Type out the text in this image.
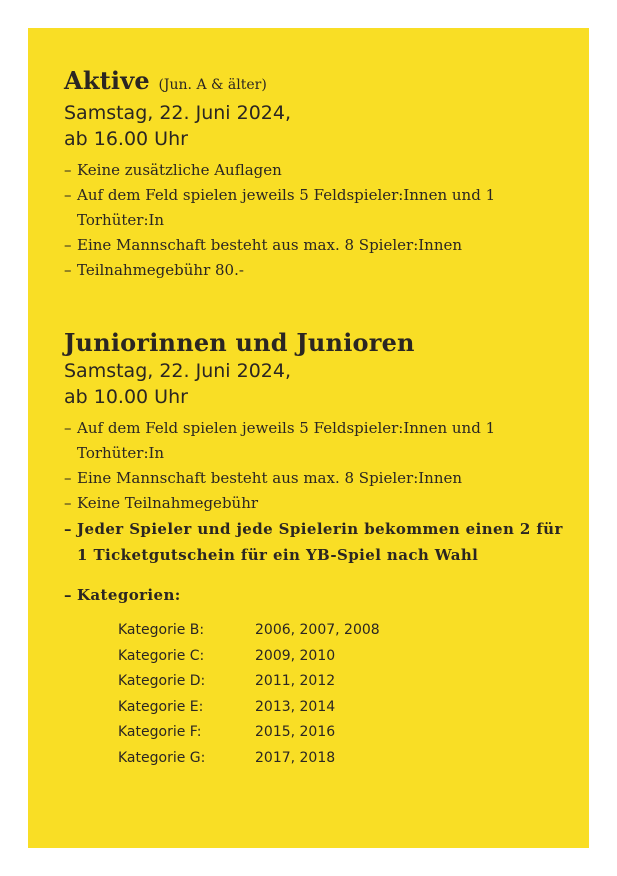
Aktive (Jun. A & älter)

Samstag, 22. Juni 2024,

ab 16.00 Uhr

– Keine zusätzliche Auflagen
– Auf dem Feld spielen jeweils 5 Feldspieler:Innen und 1 Torhüter:In
– Eine Mannschaft besteht aus max. 8 Spieler:Innen
– Teilnahmegebühr 80.-

Juniorinnen und Junioren

Samstag, 22. Juni 2024,

ab 10.00 Uhr

– Auf dem Feld spielen jeweils 5 Feldspieler:Innen und 1 Torhüter:In
– Eine Mannschaft besteht aus max. 8 Spieler:Innen
– Keine Teilnahmegebühr
– Jeder Spieler und jede Spielerin bekommen einen 2 für 1 Ticketgutschein für ein YB-Spiel nach Wahl
– Kategorien:
Kategorie B:	2006, 2007, 2008
Kategorie C:	2009, 2010
Kategorie D:	2011, 2012
Kategorie E:	2013, 2014
Kategorie F:	2015, 2016
Kategorie G:	2017, 2018
